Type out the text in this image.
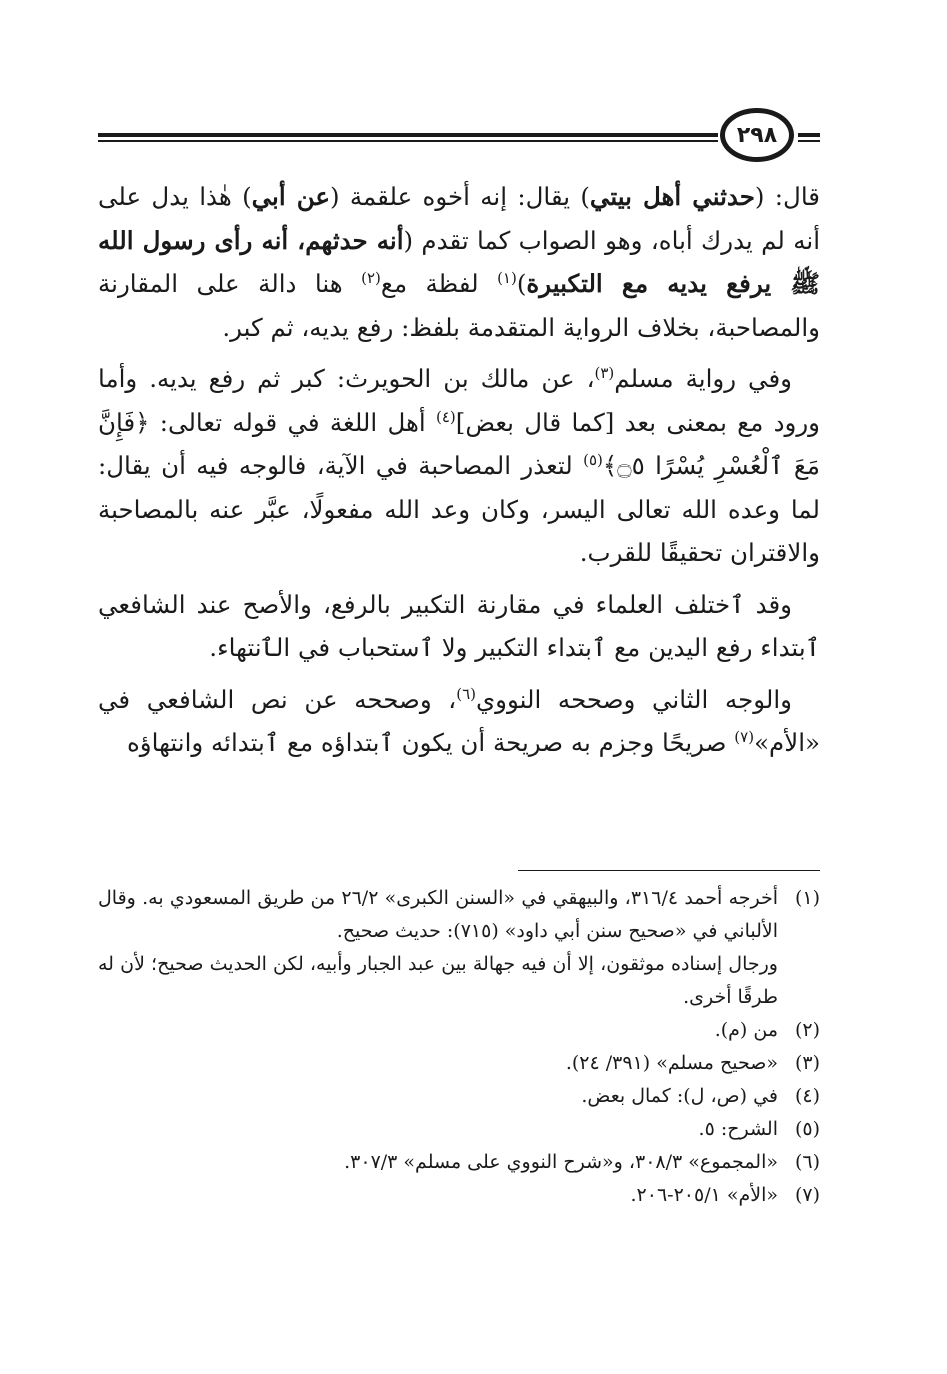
٢٩٨

قال: (حدثني أهل بيتي) يقال: إنه أخوه علقمة (عن أبي) هٰذا يدل على أنه لم يدرك أباه، وهو الصواب كما تقدم (أنه حدثهم، أنه رأى رسول الله ﷺ يرفع يديه مع التكبيرة)$^{(١)}$ لفظة مع$^{(٢)}$ هنا دالة على المقارنة والمصاحبة، بخلاف الرواية المتقدمة بلفظ: رفع يديه، ثم كبر.

وفي رواية مسلم$^{(٣)}$، عن مالك بن الحويرث: كبر ثم رفع يديه. وأما ورود مع بمعنى بعد [كما قال بعض]$^{(٤)}$ أهل اللغة في قوله تعالى: ﴿فَإِنَّ مَعَ ٱلْعُسْرِ يُسْرًا ۝٥﴾$^{(٥)}$ لتعذر المصاحبة في الآية، فالوجه فيه أن يقال: لما وعده الله تعالى اليسر، وكان وعد الله مفعولًا، عبَّر عنه بالمصاحبة والاقتران تحقيقًا للقرب.

وقد ٱختلف العلماء في مقارنة التكبير بالرفع، والأصح عند الشافعي ٱبتداء رفع اليدين مع ٱبتداء التكبير ولا ٱستحباب في الٱنتهاء.

والوجه الثاني وصححه النووي$^{(٦)}$، وصححه عن نص الشافعي في «الأم»$^{(٧)}$ صريحًا وجزم به صريحة أن يكون ٱبتداؤه مع ٱبتدائه وانتهاؤه

(١)
أخرجه أحمد ٣١٦/٤، والبيهقي في «السنن الكبرى» ٢٦/٢ من طريق المسعودي به. وقال الألباني في «صحيح سنن أبي داود» (٧١٥): حديث صحيح.
ورجال إسناده موثقون، إلا أن فيه جهالة بين عبد الجبار وأبيه، لكن الحديث صحيح؛ لأن له طرقًا أخرى.
(٢)
من (م).
(٣)
«صحيح مسلم» (٣٩١/ ٢٤).
(٤)
في (ص، ل): كمال بعض.
(٥)
الشرح: ٥.
(٦)
«المجموع» ٣٠٨/٣، و«شرح النووي على مسلم» ٣٠٧/٣.
(٧)
«الأم» ٢٠٥/١-٢٠٦.
